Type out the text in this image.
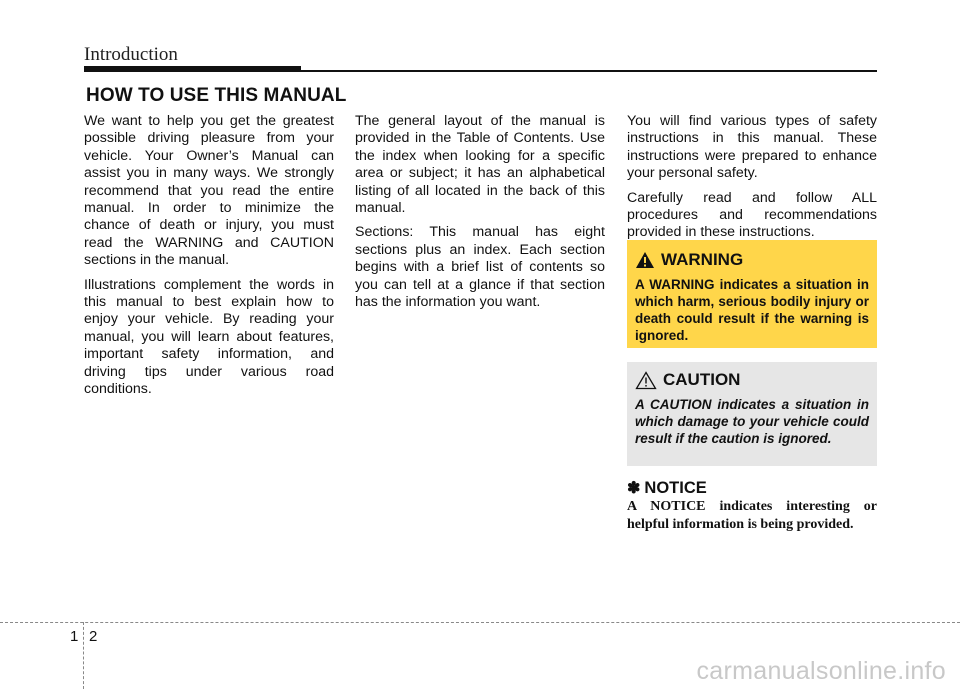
Introduction
HOW TO USE THIS MANUAL

We want to help you get the greatest possible driving pleasure from your vehicle. Your Owner’s Manual can assist you in many ways. We strongly recommend that you read the entire manual. In order to minimize the chance of death or injury, you must read the WARNING and CAUTION sections in the manual.

Illustrations complement the words in this manual to best explain how to enjoy your vehicle. By reading your manual, you will learn about features, important safety information, and driving tips under various road conditions.

The general layout of the manual is provided in the Table of Contents. Use the index when looking for a specific area or subject; it has an alphabetical listing of all located in the back of this manual.

Sections: This manual has eight sections plus an index. Each section begins with a brief list of contents so you can tell at a glance if that section has the information you want.

You will find various types of safety instructions in this manual. These instructions were prepared to enhance your personal safety.

Carefully read and follow ALL procedures and recommendations provided in these instructions.

WARNING
A WARNING indicates a situation in which harm, serious bodily injury or death could result if the warning is ignored.
CAUTION
A CAUTION indicates a situation in which damage to your vehicle could result if the caution is ignored.
✽ NOTICE
A NOTICE indicates interesting or helpful information is being provided.
1 2
carmanualsonline.info
